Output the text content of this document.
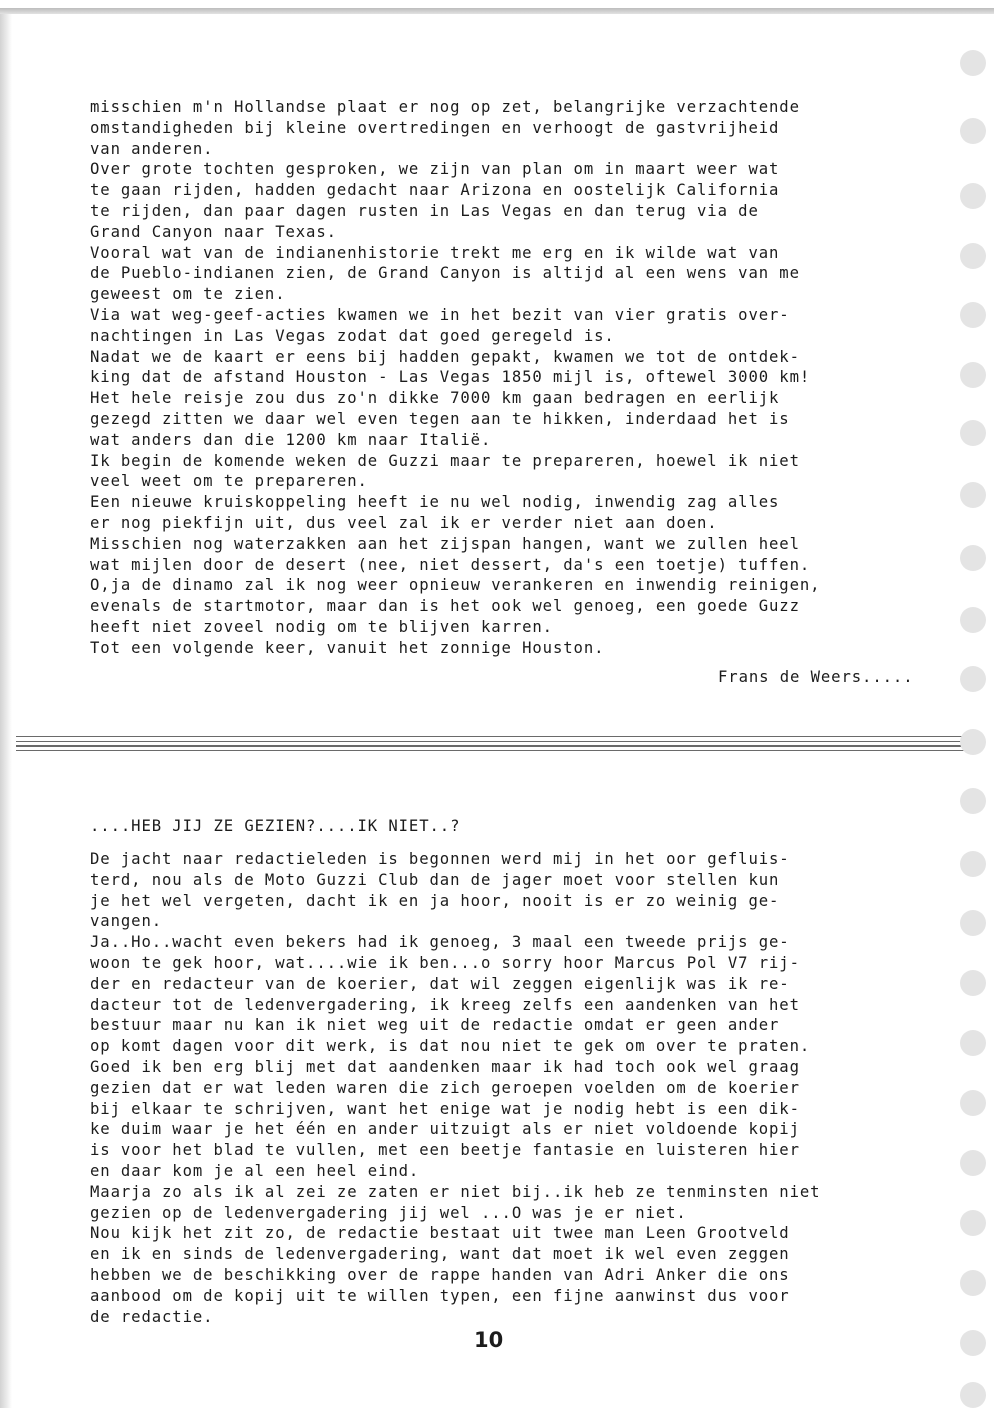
misschien m'n Hollandse plaat er nog op zet, belangrijke verzachtende
omstandigheden bij kleine overtredingen en verhoogt de gastvrijheid
van anderen.
Over grote tochten gesproken, we zijn van plan om in maart weer wat
te gaan rijden, hadden gedacht naar Arizona en oostelijk California
te rijden, dan paar dagen rusten in Las Vegas en dan terug via de
Grand Canyon naar Texas.
Vooral wat van de indianenhistorie trekt me erg en ik wilde wat van
de Pueblo-indianen zien, de Grand Canyon is altijd al een wens van me
geweest om te zien.
Via wat weg-geef-acties kwamen we in het bezit van vier gratis over-
nachtingen in Las Vegas zodat dat goed geregeld is.
Nadat we de kaart er eens bij hadden gepakt, kwamen we tot de ontdek-
king dat de afstand Houston - Las Vegas 1850 mijl is, oftewel 3000 km!
Het hele reisje zou dus zo'n dikke 7000 km gaan bedragen en eerlijk
gezegd zitten we daar wel even tegen aan te hikken, inderdaad het is
wat anders dan die 1200 km naar Italië.
Ik begin de komende weken de Guzzi maar te prepareren, hoewel ik niet
veel weet om te prepareren.
Een nieuwe kruiskoppeling heeft ie nu wel nodig, inwendig zag alles
er nog piekfijn uit, dus veel zal ik er verder niet aan doen.
Misschien nog waterzakken aan het zijspan hangen, want we zullen heel
wat mijlen door de desert (nee, niet dessert, da's een toetje) tuffen.
O,ja de dinamo zal ik nog weer opnieuw verankeren en inwendig reinigen,
evenals de startmotor, maar dan is het ook wel genoeg, een goede Guzz
heeft niet zoveel nodig om te blijven karren.
Tot een volgende keer, vanuit het zonnige Houston.
Frans de Weers.....
....HEB JIJ ZE GEZIEN?....IK NIET..?
De jacht naar redactieleden is begonnen werd mij in het oor gefluis-
terd, nou als de Moto Guzzi Club dan de jager moet voor stellen kun
je het wel vergeten, dacht ik en ja hoor, nooit is er zo weinig ge-
vangen.
Ja..Ho..wacht even bekers had ik genoeg, 3 maal een tweede prijs ge-
woon te gek hoor, wat....wie ik ben...o sorry hoor Marcus Pol V7 rij-
der en redacteur van de koerier, dat wil zeggen eigenlijk was ik re-
dacteur tot de ledenvergadering, ik kreeg zelfs een aandenken van het
bestuur maar nu kan ik niet weg uit de redactie omdat er geen ander
op komt dagen voor dit werk, is dat nou niet te gek om over te praten.
Goed ik ben erg blij met dat aandenken maar ik had toch ook wel graag
gezien dat er wat leden waren die zich geroepen voelden om de koerier
bij elkaar te schrijven, want het enige wat je nodig hebt is een dik-
ke duim waar je het één en ander uitzuigt als er niet voldoende kopij
is voor het blad te vullen, met een beetje fantasie en luisteren hier
en daar kom je al een heel eind.
Maarja zo als ik al zei ze zaten er niet bij..ik heb ze tenminsten niet
gezien op de ledenvergadering jij wel ...O was je er niet.
Nou kijk het zit zo, de redactie bestaat uit twee man Leen Grootveld
en ik en sinds de ledenvergadering, want dat moet ik wel even zeggen
hebben we de beschikking over de rappe handen van Adri Anker die ons
aanbood om de kopij uit te willen typen, een fijne aanwinst dus voor
de redactie.
10
